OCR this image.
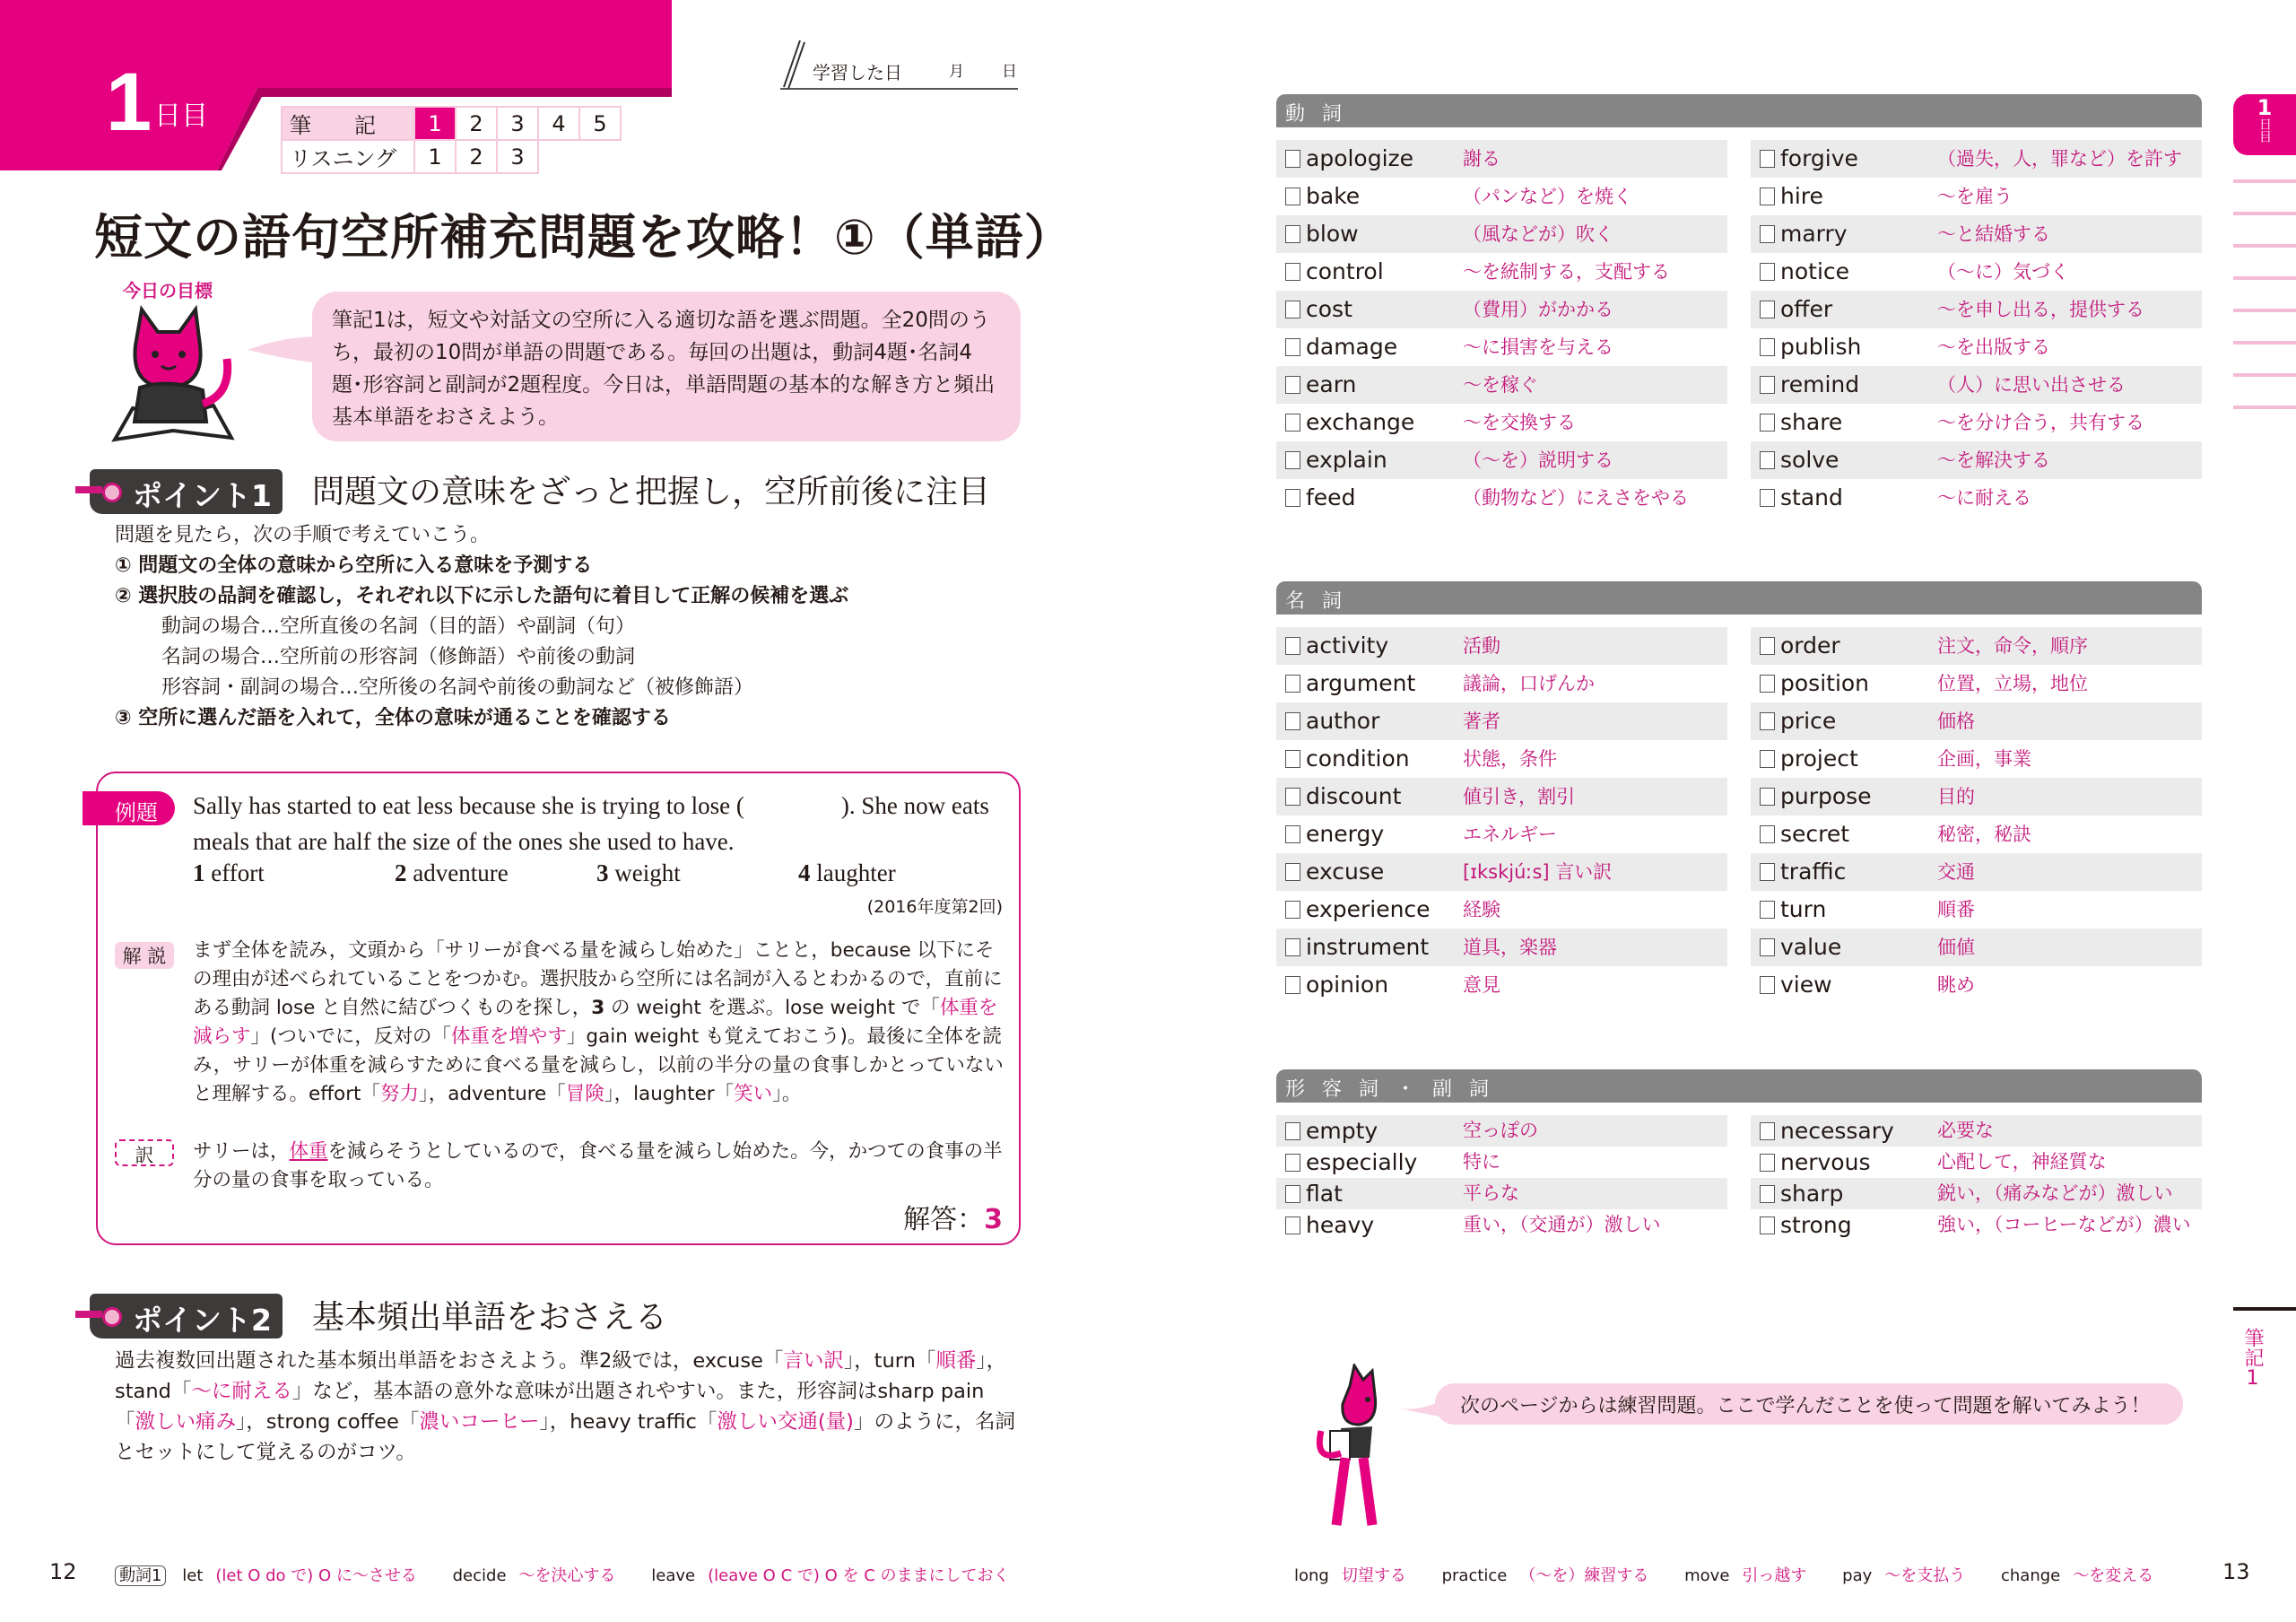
1 日目	筆　　記	1	2	3	4	5
リスニング	1	2	3		
学習した日	月 日
短文の語句空所補充問題を攻略！①（単語）
今日の目標
筆記1は，短文や対話文の空所に入る適切な語を選ぶ問題。全20問のうち，最初の10問が単語の問題である。毎回の出題は，動詞4題･名詞4題･形容詞と副詞が2題程度。今日は，単語問題の基本的な解き方と頻出基本単語をおさえよう。
ポイント1	問題文の意味をざっと把握し，空所前後に注目
問題を見たら，次の手順で考えていこう。
① 問題文の全体の意味から空所に入る意味を予測する
② 選択肢の品詞を確認し，それぞれ以下に示した語句に着目して正解の候補を選ぶ
動詞の場合…空所直後の名詞（目的語）や副詞（句）
名詞の場合…空所前の形容詞（修飾語）や前後の動詞
形容詞・副詞の場合…空所後の名詞や前後の動詞など（被修飾語）
③ 空所に選んだ語を入れて，全体の意味が通ることを確認する
例題	Sally has started to eat less because she is trying to lose (　　　　). She now eats meals that are half the size of the ones she used to have.
1 effort	2 adventure	3 weight	4 laughter
(2016年度第2回)
解 説	まず全体を読み，文頭から「サリーが食べる量を減らし始めた」ことと，because 以下にその理由が述べられていることをつかむ。選択肢から空所には名詞が入るとわかるので，直前にある動詞 lose と自然に結びつくものを探し，3 の weight を選ぶ。lose weight で「体重を減らす」(ついでに，反対の「体重を増やす」gain weight も覚えておこう)。最後に全体を読み，サリーが体重を減らすために食べる量を減らし，以前の半分の量の食事しかとっていないと理解する。effort「努力」，adventure「冒険」，laughter「笑い」。
訳	サリーは，体重を減らそうとしているので，食べる量を減らし始めた。今，かつての食事の半分の量の食事を取っている。
解答：3
ポイント2	基本頻出単語をおさえる
過去複数回出題された基本頻出単語をおさえよう。準2級では，excuse「言い訳」，turn「順番」，stand「～に耐える」など，基本語の意外な意味が出題されやすい。また，形容詞はsharp pain「激しい痛み」，strong coffee「濃いコーヒー」，heavy traffic「激しい交通(量)」のように，名詞とセットにして覚えるのがコツ。
12	動詞1 let (let O do で) O に～させる decide ～を決心する leave (leave O C で) O を C のままにしておく
動 詞
apologize	謝る
bake	（パンなど）を焼く
blow	（風などが）吹く
control	～を統制する，支配する
cost	（費用）がかかる
damage	～に損害を与える
earn	～を稼ぐ
exchange	～を交換する
explain	（～を）説明する
feed	（動物など）にえさをやる
forgive	（過失，人，罪など）を許す
hire	～を雇う
marry	～と結婚する
notice	（～に）気づく
offer	～を申し出る，提供する
publish	～を出版する
remind	（人）に思い出させる
share	～を分け合う，共有する
solve	～を解決する
stand	～に耐える
名 詞
activity	活動
argument	議論，口げんか
author	著者
condition	状態，条件
discount	値引き，割引
energy	エネルギー
excuse	[ɪkskjúːs] 言い訳
experience 経験
instrument 道具，楽器
opinion	意見
order	注文，命令，順序
position	位置，立場，地位
price	価格
project	企画，事業
purpose	目的
secret	秘密，秘訣
traffic	交通
turn	順番
value	価値
view	眺め
形 容 詞 ・ 副 詞
empty	空っぽの
especially 特に
flat	平らな
heavy	重い，（交通が）激しい
necessary 必要な
nervous	心配して，神経質な
sharp	鋭い，（痛みなどが）激しい
strong	強い，（コーヒーなどが）濃い
1
日目
筆記1
次のページからは練習問題。ここで学んだことを使って問題を解いてみよう！
long 切望する practice （～を）練習する move 引っ越す pay ～を支払う change ～を変える	13
